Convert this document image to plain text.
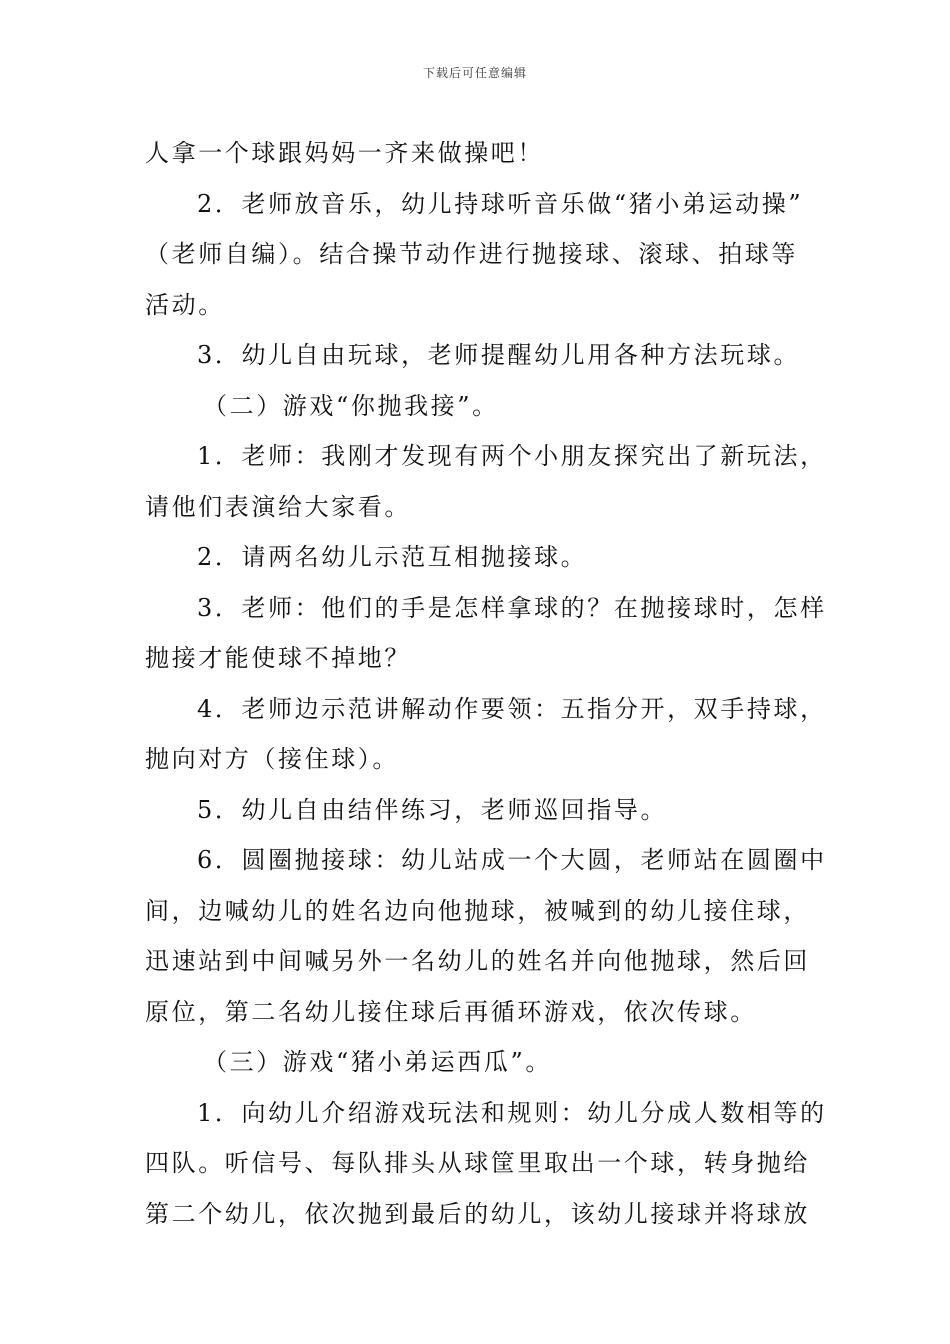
下载后可任意编辑
人拿一个球跟妈妈一齐来做操吧！
2．老师放音乐，幼儿持球听音乐做“猪小弟运动操”
（老师自编）。结合操节动作进行抛接球、滚球、拍球等
活动。
3．幼儿自由玩球，老师提醒幼儿用各种方法玩球。
（二）游戏“你抛我接”。
1．老师：我刚才发现有两个小朋友探究出了新玩法，
请他们表演给大家看。
2．请两名幼儿示范互相抛接球。
3．老师：他们的手是怎样拿球的？在抛接球时，怎样
抛接才能使球不掉地？
4．老师边示范讲解动作要领：五指分开，双手持球，
抛向对方（接住球）。
5．幼儿自由结伴练习，老师巡回指导。
6．圆圈抛接球：幼儿站成一个大圆，老师站在圆圈中
间，边喊幼儿的姓名边向他抛球，被喊到的幼儿接住球，
迅速站到中间喊另外一名幼儿的姓名并向他抛球，然后回
原位，第二名幼儿接住球后再循环游戏，依次传球。
（三）游戏“猪小弟运西瓜”。
1．向幼儿介绍游戏玩法和规则：幼儿分成人数相等的
四队。听信号、每队排头从球筐里取出一个球，转身抛给
第二个幼儿，依次抛到最后的幼儿，该幼儿接球并将球放
